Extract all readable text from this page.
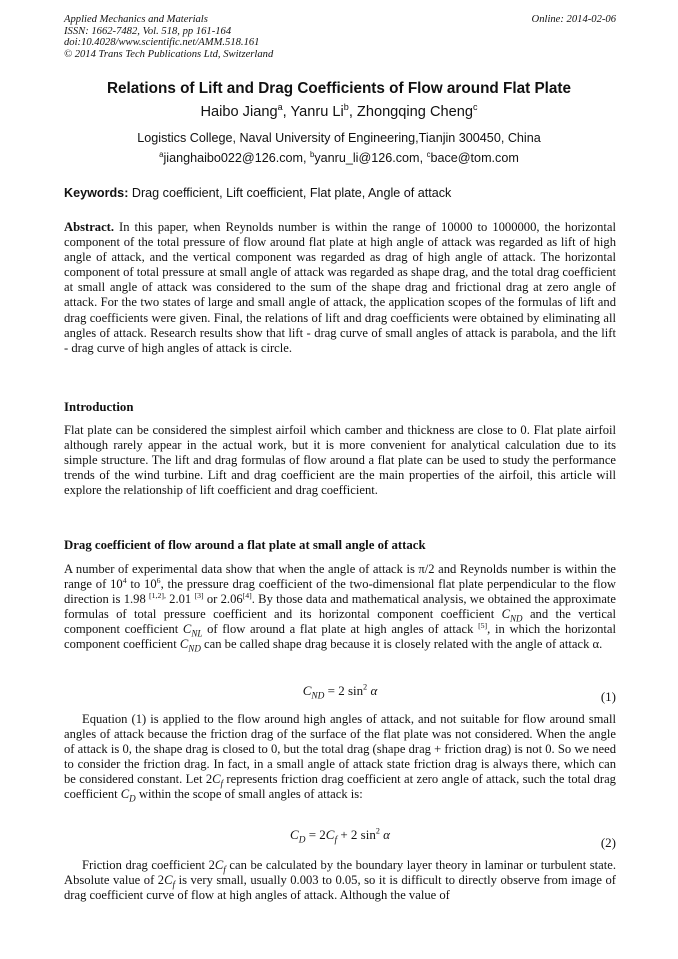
Applied Mechanics and Materials
ISSN: 1662-7482, Vol. 518, pp 161-164
doi:10.4028/www.scientific.net/AMM.518.161
© 2014 Trans Tech Publications Ltd, Switzerland
Online: 2014-02-06
Relations of Lift and Drag Coefficients of Flow around Flat Plate
Haibo Jiang$^a$, Yanru Li$^b$, Zhongqing Cheng$^c$
Logistics College, Naval University of Engineering,Tianjin 300450, China
$^a$jianghaibo022@126.com, $^b$yanru_li@126.com, $^c$bace@tom.com
Keywords: Drag coefficient, Lift coefficient, Flat plate, Angle of attack

Abstract. In this paper, when Reynolds number is within the range of 10000 to 1000000, the horizontal component of the total pressure of flow around flat plate at high angle of attack was regarded as lift of high angle of attack, and the vertical component was regarded as drag of high angle of attack. The horizontal component of total pressure at small angle of attack was regarded as shape drag, and the total drag coefficient at small angle of attack was considered to the sum of the shape drag and frictional drag at zero angle of attack. For the two states of large and small angle of attack, the application scopes of the formulas of lift and drag coefficients were given. Final, the relations of lift and drag coefficients were obtained by eliminating all angles of attack. Research results show that lift - drag curve of small angles of attack is parabola, and the lift - drag curve of high angles of attack is circle.

Introduction

Flat plate can be considered the simplest airfoil which camber and thickness are close to 0. Flat plate airfoil although rarely appear in the actual work, but it is more convenient for analytical calculation due to its simple structure. The lift and drag formulas of flow around a flat plate can be used to study the performance trends of the wind turbine. Lift and drag coefficient are the main properties of the airfoil, this article will explore the relationship of lift coefficient and drag coefficient.

Drag coefficient of flow around a flat plate at small angle of attack

A number of experimental data show that when the angle of attack is π/2 and Reynolds number is within the range of $10^4$ to $10^6$, the pressure drag coefficient of the two-dimensional flat plate perpendicular to the flow direction is 1.98 $^{[1,2],}$ 2.01 [3] or 2.06[4]. By those data and mathematical analysis, we obtained the approximate formulas of total pressure coefficient and its horizontal component coefficient $C_{ND}$ and the vertical component coefficient $C_{NL}$ of flow around a flat plate at high angles of attack [5], in which the horizontal component coefficient $C_{ND}$ can be called shape drag because it is closely related with the angle of attack α.

$C_{ND} = 2$ $\sin^2 \alpha$	(1)

Equation (1) is applied to the flow around high angles of attack, and not suitable for flow around small angles of attack because the friction drag of the surface of the flat plate was not considered. When the angle of attack is 0, the shape drag is closed to 0, but the total drag (shape drag + friction drag) is not 0. So we need to consider the friction drag. In fact, in a small angle of attack state friction drag is always there, which can be considered constant. Let $2C_f$ represents friction drag coefficient at zero angle of attack, such the total drag coefficient $C_D$ within the scope of small angles of attack is:

$C_D = 2C_f + 2$ $\sin^2 \alpha$
(2)

Friction drag coefficient $2C_f$ can be calculated by the boundary layer theory in laminar or turbulent state. Absolute value of $2C_f$ is very small, usually 0.003 to 0.05, so it is difficult to directly observe from image of drag coefficient curve of flow at high angles of attack. Although the value of
